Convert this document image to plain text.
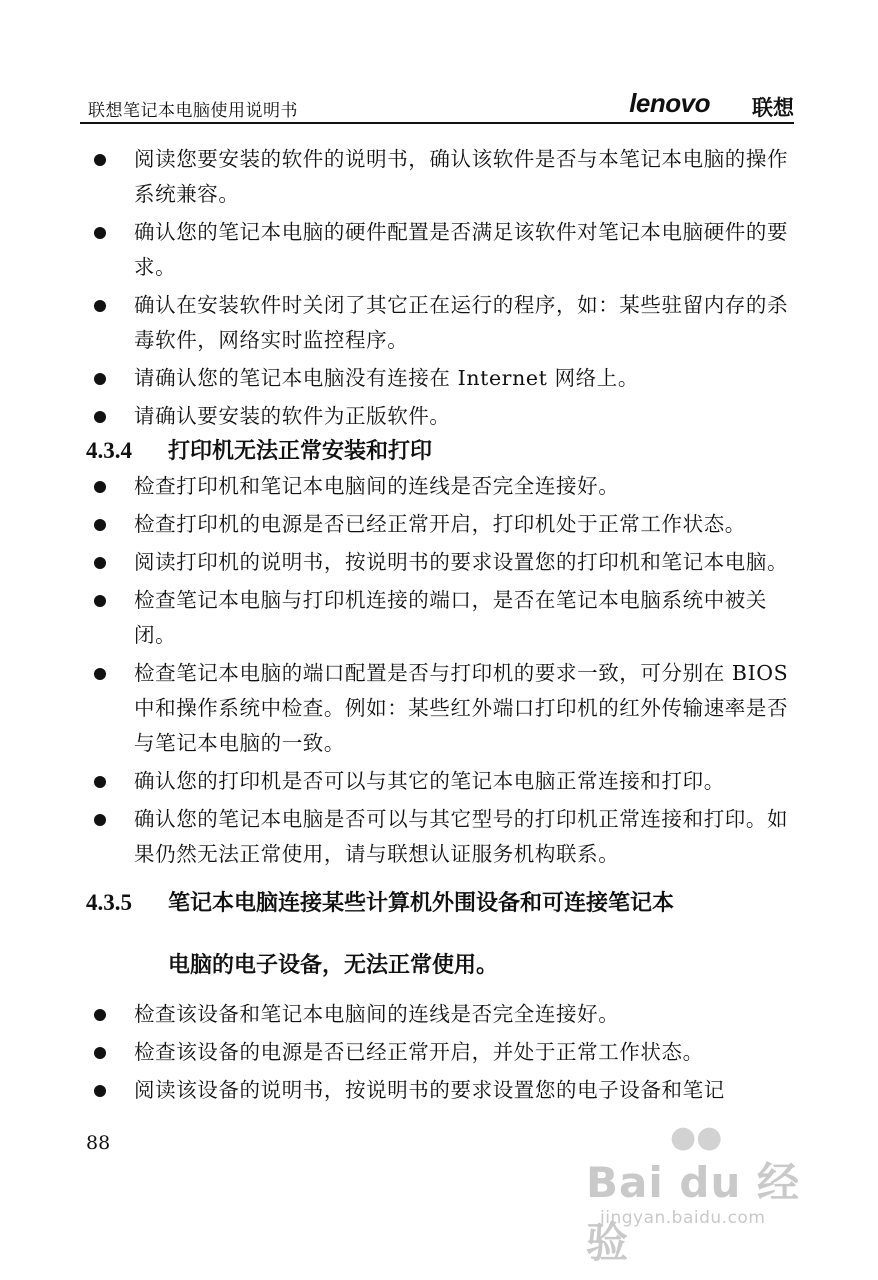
联想笔记本电脑使用说明书	lenovo 联想
阅读您要安装的软件的说明书，确认该软件是否与本笔记本电脑的操作系统兼容。
确认您的笔记本电脑的硬件配置是否满足该软件对笔记本电脑硬件的要求。
确认在安装软件时关闭了其它正在运行的程序，如：某些驻留内存的杀毒软件，网络实时监控程序。
请确认您的笔记本电脑没有连接在 Internet 网络上。
请确认要安装的软件为正版软件。
4.3.4 打印机无法正常安装和打印
检查打印机和笔记本电脑间的连线是否完全连接好。
检查打印机的电源是否已经正常开启，打印机处于正常工作状态。
阅读打印机的说明书，按说明书的要求设置您的打印机和笔记本电脑。
检查笔记本电脑与打印机连接的端口，是否在笔记本电脑系统中被关闭。
检查笔记本电脑的端口配置是否与打印机的要求一致，可分别在 BIOS 中和操作系统中检查。例如：某些红外端口打印机的红外传输速率是否与笔记本电脑的一致。
确认您的打印机是否可以与其它的笔记本电脑正常连接和打印。
确认您的笔记本电脑是否可以与其它型号的打印机正常连接和打印。如果仍然无法正常使用，请与联想认证服务机构联系。
4.3.5 笔记本电脑连接某些计算机外围设备和可连接笔记本
电脑的电子设备，无法正常使用。
检查该设备和笔记本电脑间的连线是否完全连接好。
检查该设备的电源是否已经正常开启，并处于正常工作状态。
阅读该设备的说明书，按说明书的要求设置您的电子设备和笔记
88	●●
Bai du 经验
jingyan.baidu.com
